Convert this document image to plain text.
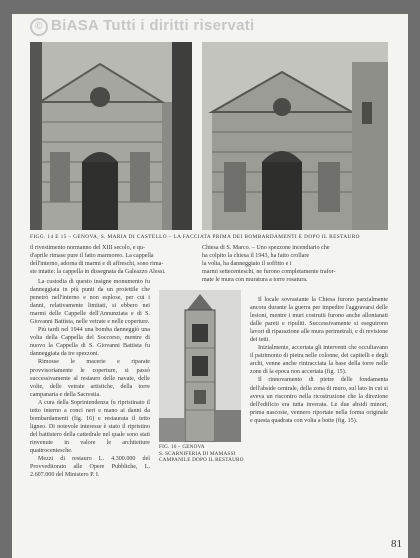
© BiASA Tutti i diritti riservati
FIGG. 14 E 15 – GENOVA, S. MARIA DI CASTELLO – LA FACCIATA PRIMA DEI BOMBARDAMENTI E DOPO IL RESTAURO
il rivestimento normanno del XIII secolo, e qu-
d'aprile rimase pure il fatto marmoreo. La cappella
dell'interno, adorna di marmi e di affreschi, sono rima-
ste intatte: la cappella in dissegnata da Galeazzo Alessi.
Chiesa di S. Marco. – Uno spezzone incendiario che
ha colpito la chiesa il 1943, ha fatto crollare
la volta, ha danneggiato il soffitto e i
marmi settecenteschi, ne furono completamente trafor-
mate le mura con muratura a torre rosatura.

La custodia di questo insigne monumento fu danneggiata in più punti da un proiettile che penetrò nell'interno e non esplose, per cui i danni, relativamente limitati, si ebbero nei marmi delle Cappelle dell'Annunziata e di S. Giovanni Battista, nelle vetrate e nelle coperture.

Più tardi nel 1944 una bomba danneggiò una volta della Cappella del Soccorso, mentre di nuovo la Cappella di S. Giovanni Battista fu danneggiata da tre spezzoni.

Rimosse le macerie e riparate provvisoriamente le coperture, si passò successivamente al restauro delle navate, delle volte, delle vetrate artistiche, della torre campanaria e della Sacrestia.

A cura della Soprintendenza fu ripristinato il tetto interno a conci neri e mano ai danni da bombardamenti (fig. 16) e restaurata il tetto ligneo. Di notevole interesse è stato il ripristino del battistero della cattedrale nel quale sono stati rinvenute in valore le architetture quattrocentesche.

Mezzi di restauro L. 4.300.000 del Provveditorato alle Opere Pubbliche, L. 2.607.000 del Ministero P. I.

FIG. 16 – GENOVA
S. SCARNIFERIA DI MAMASSI
CAMPANILE DOPO IL RESTAURO

Il locale sovrastante la Chiesa furono parzialmente ancora durante la guerra per impedire l'aggravarsi delle lesioni, mentre i muri costruiti furono anche allontanati dalle pareti e ripuliti. Successivamente si eseguirono lavori di riparazione alle mura perimetrali, e di revisione dei tetti.

Inizialmente, accertata gli interventi che occultavano il patrimonio di pietra nelle colonne, dei capitelli e degli archi, venne anche rintracciata la base della torre nelle zone di la epoca non accertata (fig. 15).

Il rinnovamento di pietre delle fondamenta dell'abside centrale, della zona di muro, sul lato in cui si aveva un riscontro nella ricostruzione che la direzione dell'edificio era tutta inverata. Le due absidi minori, prima nascoste, vennero riportate nella forma originale e questa quadrata con volta a botte (fig. 15).

81
